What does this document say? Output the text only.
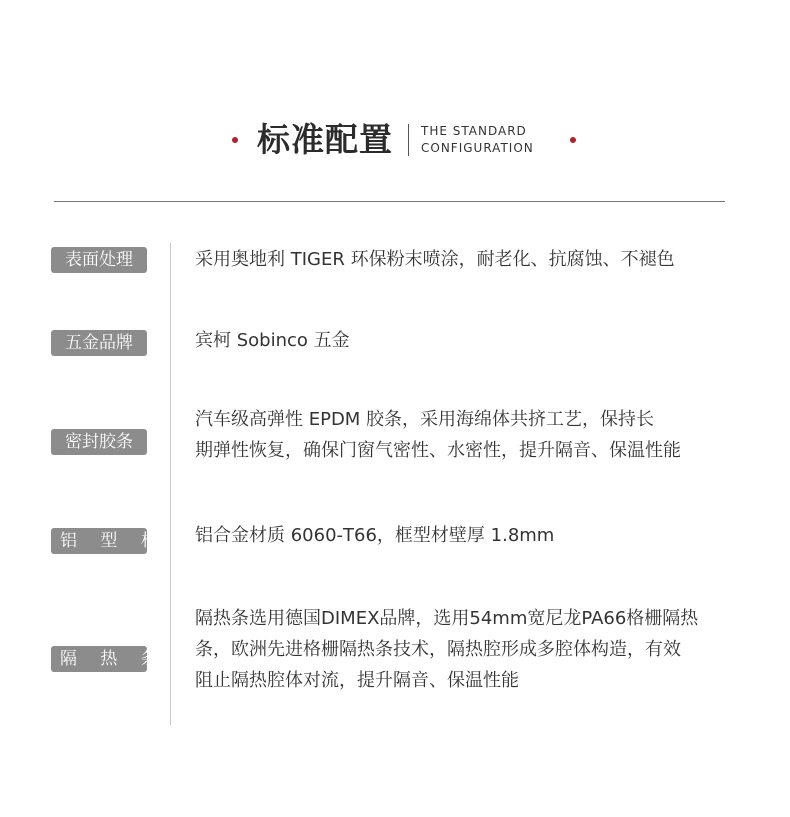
标准配置 THE STANDARD
CONFIGURATION
表面处理	采用奥地利 TIGER 环保粉末喷涂，耐老化、抗腐蚀、不褪色

五金品牌	宾柯 Sobinco 五金

密封胶条

汽车级高弹性 EPDM 胶条，采用海绵体共挤工艺，保持长

期弹性恢复，确保门窗气密性、水密性，提升隔音、保温性能

铝 型 材 铝合金材质 6060-T66，框型材壁厚 1.8mm

隔 热 条

隔热条选用德国DIMEX品牌，选用54mm宽尼龙PA66格栅隔热

条，欧洲先进格栅隔热条技术，隔热腔形成多腔体构造，有效

阻止隔热腔体对流，提升隔音、保温性能
